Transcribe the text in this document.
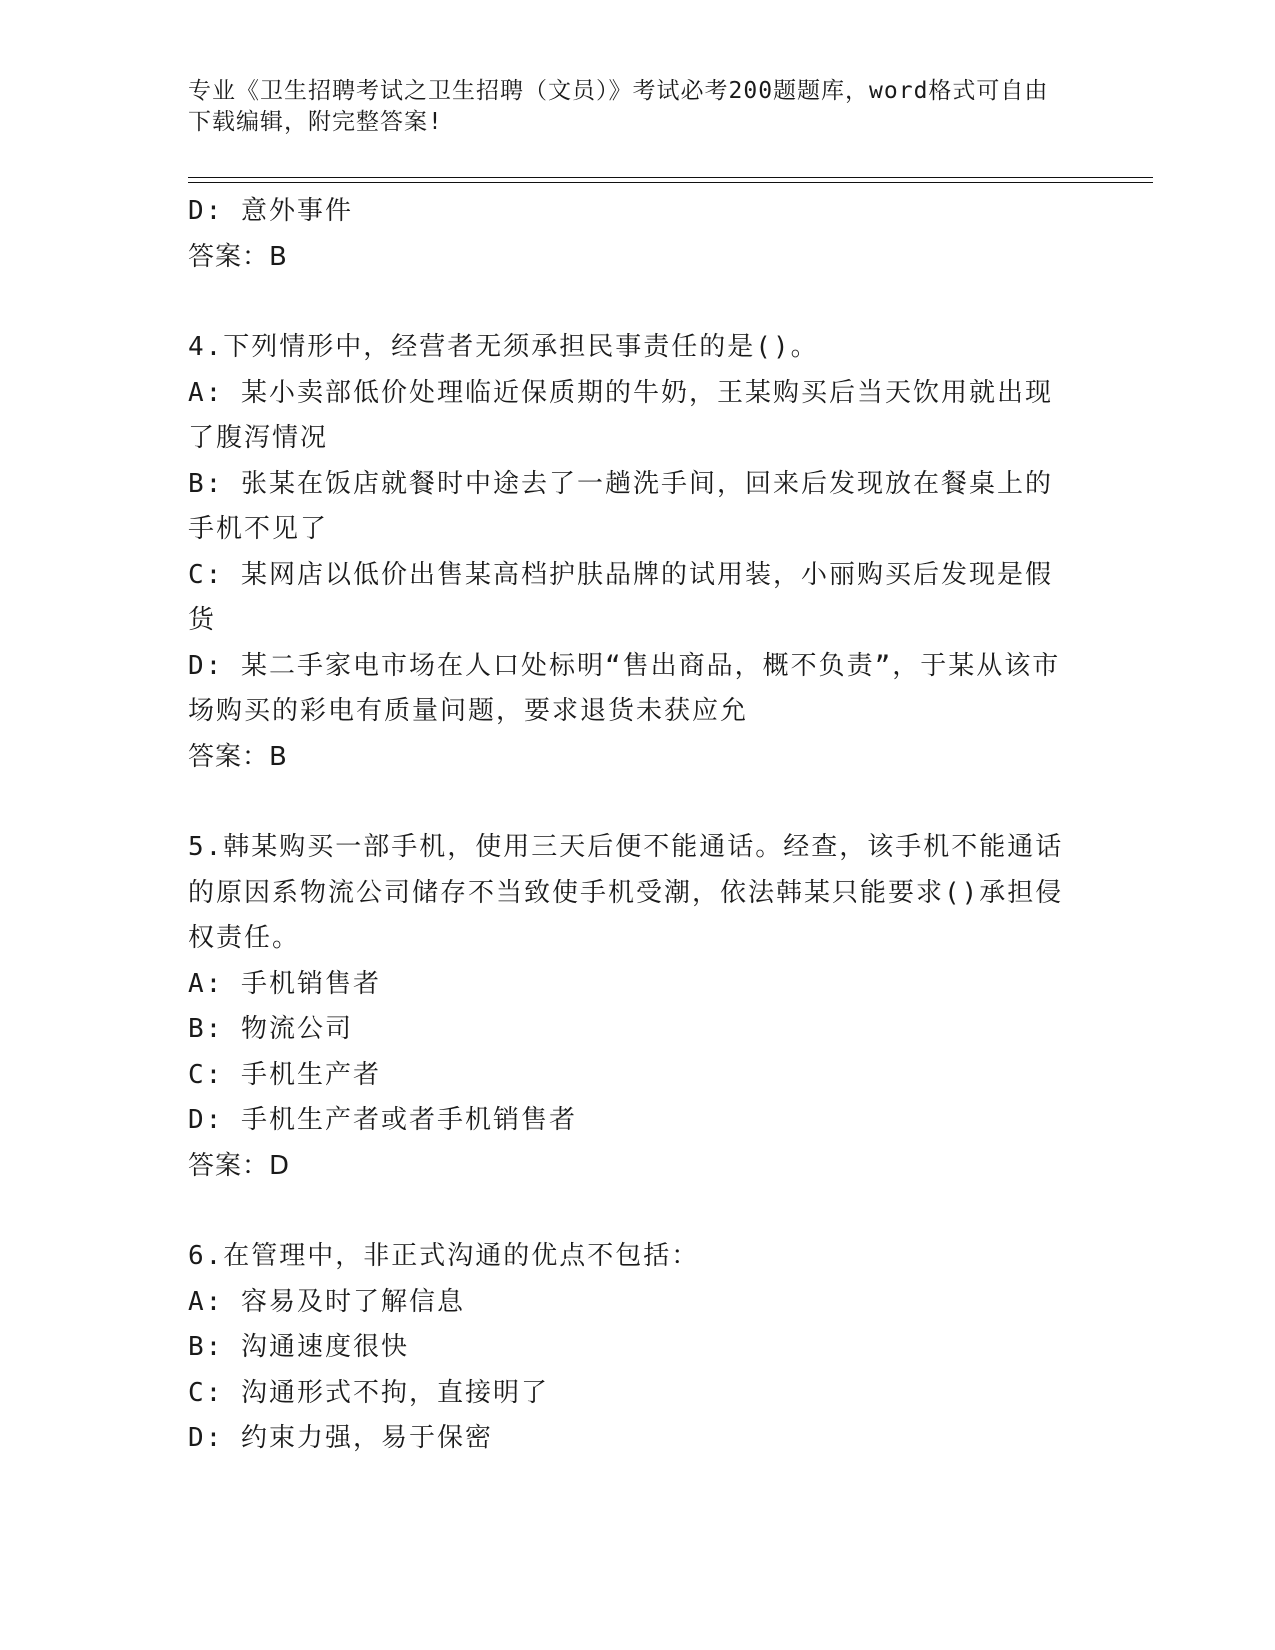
专业《卫生招聘考试之卫生招聘（文员）》考试必考200题题库，word格式可自由下载编辑，附完整答案!

D: 意外事件

答案：B

4.下列情形中，经营者无须承担民事责任的是()。

A: 某小卖部低价处理临近保质期的牛奶，王某购买后当天饮用就出现了腹泻情况

B: 张某在饭店就餐时中途去了一趟洗手间，回来后发现放在餐桌上的手机不见了

C: 某网店以低价出售某高档护肤品牌的试用装，小丽购买后发现是假货

D: 某二手家电市场在人口处标明“售出商品，概不负责”，于某从该市场购买的彩电有质量问题，要求退货未获应允

答案：B

5.韩某购买一部手机，使用三天后便不能通话。经查，该手机不能通话的原因系物流公司储存不当致使手机受潮，依法韩某只能要求()承担侵权责任。

A: 手机销售者

B: 物流公司

C: 手机生产者

D: 手机生产者或者手机销售者

答案：D

6.在管理中，非正式沟通的优点不包括：

A: 容易及时了解信息

B: 沟通速度很快

C: 沟通形式不拘，直接明了

D: 约束力强，易于保密
